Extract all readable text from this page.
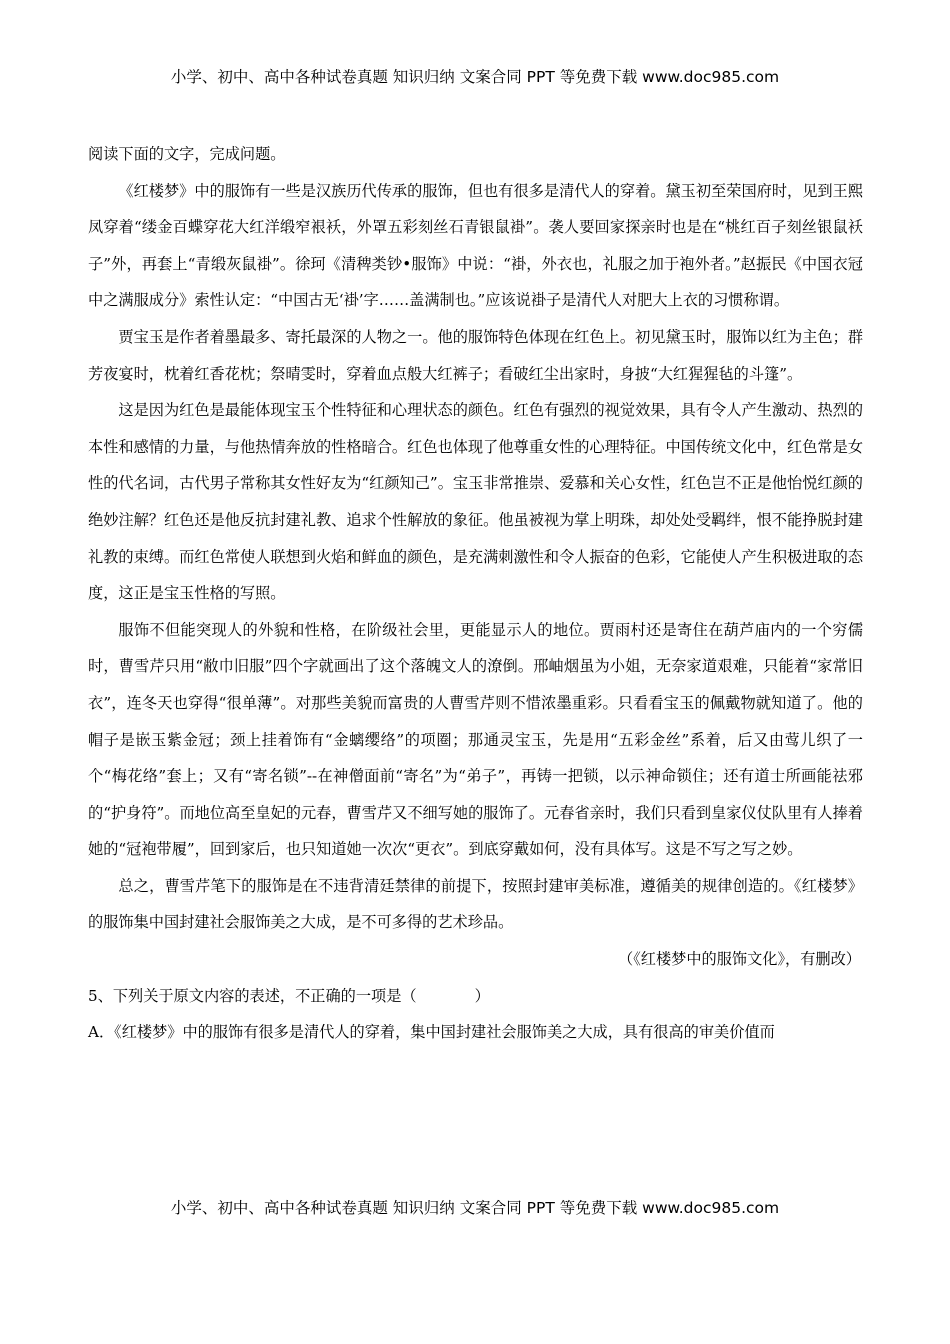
小学、初中、高中各种试卷真题 知识归纳 文案合同 PPT 等免费下载 www.doc985.com

阅读下面的文字，完成问题。

《红楼梦》中的服饰有一些是汉族历代传承的服饰，但也有很多是清代人的穿着。黛玉初至荣国府时，见到王熙凤穿着“缕金百蝶穿花大红洋缎窄裉袄，外罩五彩刻丝石青银鼠褂”。袭人要回家探亲时也是在“桃红百子刻丝银鼠袄子”外，再套上“青缎灰鼠褂”。徐珂《清稗类钞•服饰》中说：“褂，外衣也，礼服之加于袍外者。”赵振民《中国衣冠中之满服成分》索性认定：“中国古无‘褂’字……盖满制也。”应该说褂子是清代人对肥大上衣的习惯称谓。

贾宝玉是作者着墨最多、寄托最深的人物之一。他的服饰特色体现在红色上。初见黛玉时，服饰以红为主色；群芳夜宴时，枕着红香花枕；祭晴雯时，穿着血点般大红裤子；看破红尘出家时，身披“大红猩猩毡的斗篷”。

这是因为红色是最能体现宝玉个性特征和心理状态的颜色。红色有强烈的视觉效果，具有令人产生激动、热烈的本性和感情的力量，与他热情奔放的性格暗合。红色也体现了他尊重女性的心理特征。中国传统文化中，红色常是女性的代名词，古代男子常称其女性好友为“红颜知己”。宝玉非常推崇、爱慕和关心女性，红色岂不正是他怡悦红颜的绝妙注解？红色还是他反抗封建礼教、追求个性解放的象征。他虽被视为掌上明珠，却处处受羁绊，恨不能挣脱封建礼教的束缚。而红色常使人联想到火焰和鲜血的颜色，是充满刺激性和令人振奋的色彩，它能使人产生积极进取的态度，这正是宝玉性格的写照。

服饰不但能突现人的外貌和性格，在阶级社会里，更能显示人的地位。贾雨村还是寄住在葫芦庙内的一个穷儒时，曹雪芹只用“敝巾旧服”四个字就画出了这个落魄文人的潦倒。邢岫烟虽为小姐，无奈家道艰难，只能着“家常旧衣”，连冬天也穿得“很单薄”。对那些美貌而富贵的人曹雪芹则不惜浓墨重彩。只看看宝玉的佩戴物就知道了。他的帽子是嵌玉紫金冠；颈上挂着饰有“金螭缨络”的项圈；那通灵宝玉，先是用“五彩金丝”系着，后又由莺儿织了一个“梅花络”套上；又有“寄名锁”--在神僧面前“寄名”为“弟子”，再铸一把锁，以示神命锁住；还有道士所画能祛邪的“护身符”。而地位高至皇妃的元春，曹雪芹又不细写她的服饰了。元春省亲时，我们只看到皇家仪仗队里有人捧着她的“冠袍带履”，回到家后，也只知道她一次次“更衣”。到底穿戴如何，没有具体写。这是不写之写之妙。

总之，曹雪芹笔下的服饰是在不违背清廷禁律的前提下，按照封建审美标准，遵循美的规律创造的。《红楼梦》的服饰集中国封建社会服饰美之大成，是不可多得的艺术珍品。

（《红楼梦中的服饰文化》，有删改）

5、下列关于原文内容的表述，不正确的一项是（	）

A．《红楼梦》中的服饰有很多是清代人的穿着，集中国封建社会服饰美之大成，具有很高的审美价值而

小学、初中、高中各种试卷真题 知识归纳 文案合同 PPT 等免费下载 www.doc985.com
